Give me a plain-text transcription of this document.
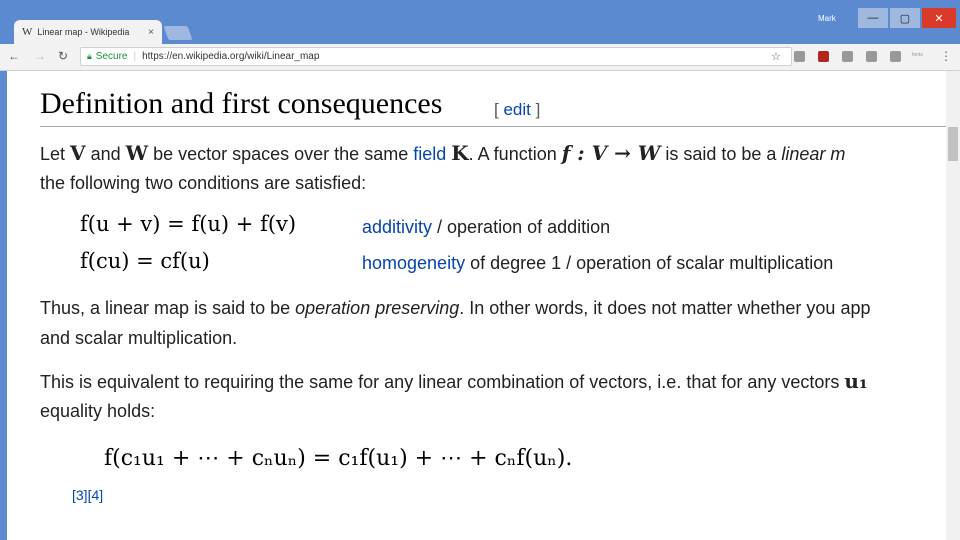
W Linear map - Wikipedia	×
Mark	—	▢	✕
← → ↻ 🔒︎ Secure | https://en.wikipedia.org/wiki/Linear_map	☆	fonts ⋮
Definition and first consequences	[ edit ]
Let V and W be vector spaces over the same field K. A function f : V → W is said to be a linear m
the following two conditions are satisfied:
f(u + v) = f(u) + f(v)	additivity / operation of addition
f(cu) = cf(u)	homogeneity of degree 1 / operation of scalar multiplication
Thus, a linear map is said to be operation preserving. In other words, it does not matter whether you app
and scalar multiplication.
This is equivalent to requiring the same for any linear combination of vectors, i.e. that for any vectors u₁
equality holds:
f(c₁u₁ + ⋯ + cₙuₙ) = c₁f(u₁) + ⋯ + cₙf(uₙ).
[3][4]
